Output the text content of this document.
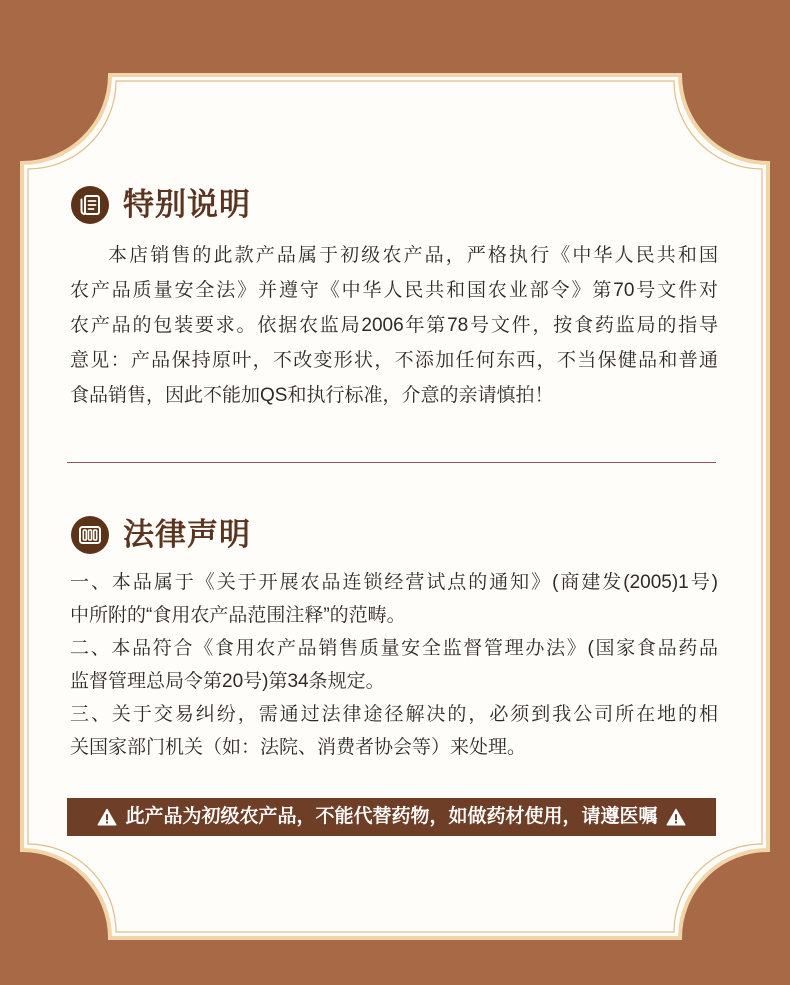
特别说明
本店销售的此款产品属于初级农产品，严格执行《中华人民共和国
农产品质量安全法》并遵守《中华人民共和国农业部令》第70号文件对
农产品的包装要求。依据农监局2006年第78号文件，按食药监局的指导
意见：产品保持原叶，不改变形状，不添加任何东西，不当保健品和普通
食品销售，因此不能加QS和执行标准，介意的亲请慎拍！
法律声明
一、本品属于《关于开展农品连锁经营试点的通知》(商建发(2005)1号)
中所附的“食用农产品范围注释”的范畴。
二、本品符合《食用农产品销售质量安全监督管理办法》(国家食品药品
监督管理总局令第20号)第34条规定。
三、关于交易纠纷，需通过法律途径解决的，必须到我公司所在地的相
关国家部门机关（如：法院、消费者协会等）来处理。
此产品为初级农产品，不能代替药物，如做药材使用，请遵医嘱
